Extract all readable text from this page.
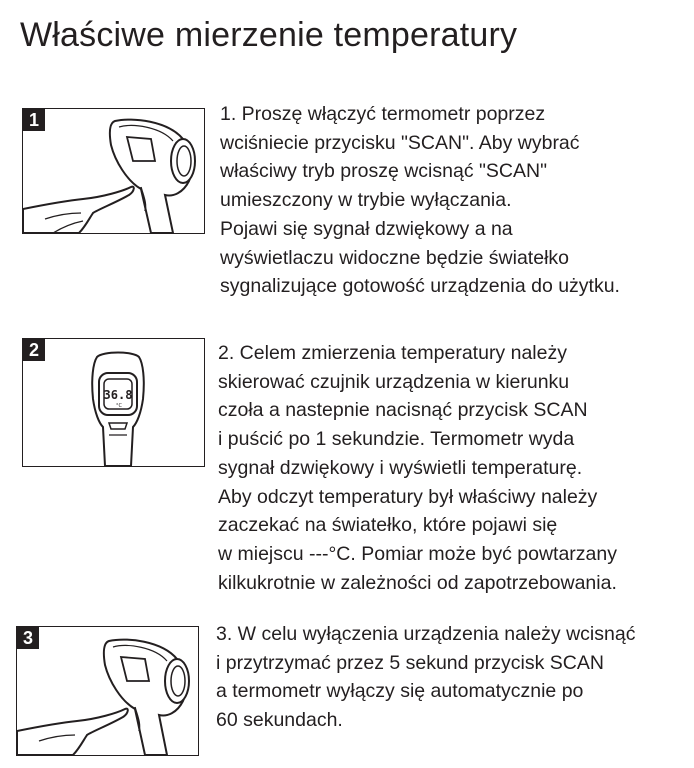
Właściwe mierzenie temperatury
1	1. Proszę włączyć termometr poprzez
wciśniecie przycisku "SCAN". Aby wybrać
właściwy tryb proszę wcisnąć "SCAN"
umieszczony w trybie wyłączania.
Pojawi się sygnał dzwiękowy a na
wyświetlaczu widoczne będzie światełko
sygnalizujące gotowość urządzenia do użytku.
36.8
°C
2	2. Celem zmierzenia temperatury należy
skierować czujnik urządzenia w kierunku
czoła a nastepnie nacisnąć przycisk SCAN
i puścić po 1 sekundzie. Termometr wyda
sygnał dzwiękowy i wyświetli temperaturę.
Aby odczyt temperatury był właściwy należy
zaczekać na światełko, które pojawi się
w miejscu ---°C. Pomiar może być powtarzany
kilkukrotnie w zależności od zapotrzebowania.
3	3. W celu wyłączenia urządzenia należy wcisnąć
i przytrzymać przez 5 sekund przycisk SCAN
a termometr wyłączy się automatycznie po
60 sekundach.
